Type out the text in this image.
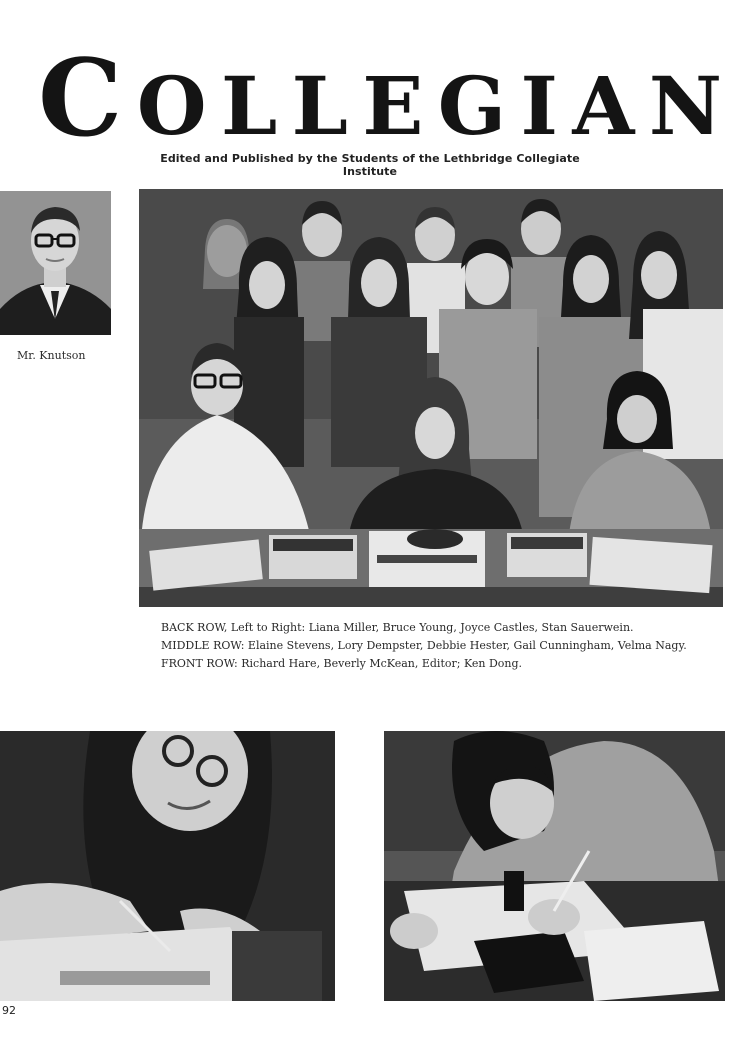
C O L L E G I A N
Edited and Published by the Students of the Lethbridge Collegiate Institute
Mr. Knutson
BACK ROW, Left to Right: Liana Miller, Bruce Young, Joyce Castles, Stan Sauerwein.
MIDDLE ROW: Elaine Stevens, Lory Dempster, Debbie Hester, Gail Cunningham, Velma Nagy.
FRONT ROW: Richard Hare, Beverly McKean, Editor; Ken Dong.
92
